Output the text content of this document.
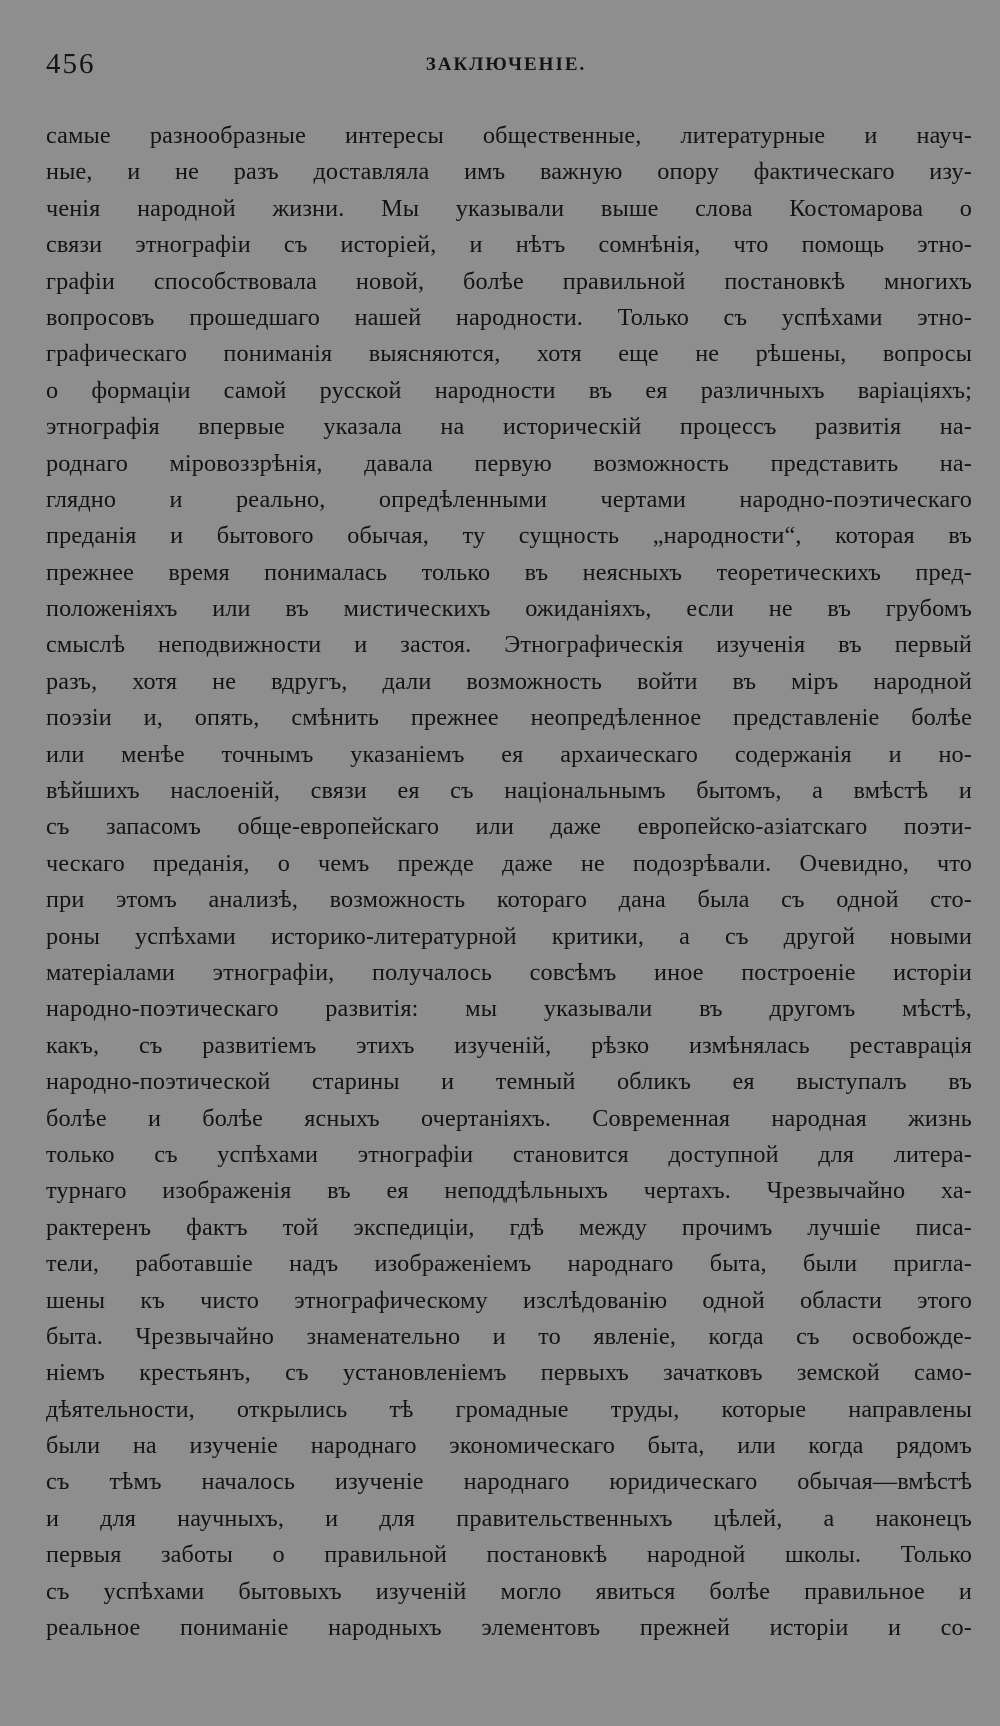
456	ЗАКЛЮЧЕНІЕ.
самые разнообразные интересы общественные, литературные и науч-
ные, и не разъ доставляла имъ важную опору фактическаго изу-
ченія народной жизни. Мы указывали выше слова Костомарова о
связи этнографіи съ исторіей, и нѣтъ сомнѣнія, что помощь этно-
графіи способствовала новой, болѣе правильной постановкѣ многихъ
вопросовъ прошедшаго нашей народности. Только съ успѣхами этно-
графическаго пониманія выясняются, хотя еще не рѣшены, вопросы
о формаціи самой русской народности въ ея различныхъ варіаціяхъ;
этнографія впервые указала на историческій процессъ развитія на-
роднаго міровоззрѣнія, давала первую возможность представить на-
глядно и реально, опредѣленными чертами народно-поэтическаго
преданія и бытового обычая, ту сущность „народности“, которая въ
прежнее время понималась только въ неясныхъ теоретическихъ пред-
положеніяхъ или въ мистическихъ ожиданіяхъ, если не въ грубомъ
смыслѣ неподвижности и застоя. Этнографическія изученія въ первый
разъ, хотя не вдругъ, дали возможность войти въ міръ народной
поэзіи и, опять, смѣнить прежнее неопредѣленное представленіе болѣе
или менѣе точнымъ указаніемъ ея архаическаго содержанія и но-
вѣйшихъ наслоеній, связи ея съ національнымъ бытомъ, а вмѣстѣ и
съ запасомъ обще-европейскаго или даже европейско-азіатскаго поэти-
ческаго преданія, о чемъ прежде даже не подозрѣвали. Очевидно, что
при этомъ анализѣ, возможность котораго дана была съ одной сто-
роны успѣхами историко-литературной критики, а съ другой новыми
матеріалами этнографіи, получалось совсѣмъ иное построеніе исторіи
народно-поэтическаго развитія: мы указывали въ другомъ мѣстѣ,
какъ, съ развитіемъ этихъ изученій, рѣзко измѣнялась реставрація
народно-поэтической старины и темный обликъ ея выступалъ въ
болѣе и болѣе ясныхъ очертаніяхъ. Современная народная жизнь
только съ успѣхами этнографіи становится доступной для литера-
турнаго изображенія въ ея неподдѣльныхъ чертахъ. Чрезвычайно ха-
рактеренъ фактъ той экспедиціи, гдѣ между прочимъ лучшіе писа-
тели, работавшіе надъ изображеніемъ народнаго быта, были пригла-
шены къ чисто этнографическому изслѣдованію одной области этого
быта. Чрезвычайно знаменательно и то явленіе, когда съ освобожде-
ніемъ крестьянъ, съ установленіемъ первыхъ зачатковъ земской само-
дѣятельности, открылись тѣ громадные труды, которые направлены
были на изученіе народнаго экономическаго быта, или когда рядомъ
съ тѣмъ началось изученіе народнаго юридическаго обычая—вмѣстѣ
и для научныхъ, и для правительственныхъ цѣлей, а наконецъ
первыя заботы о правильной постановкѣ народной школы. Только
съ успѣхами бытовыхъ изученій могло явиться болѣе правильное и
реальное пониманіе народныхъ элементовъ прежней исторіи и со-
